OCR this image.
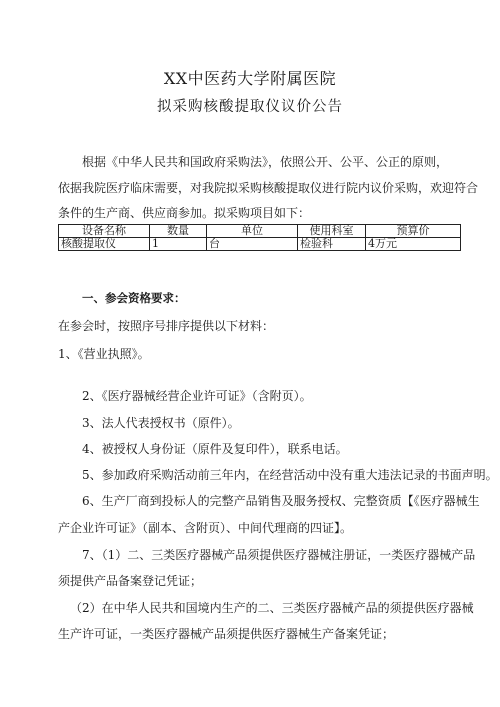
XX中医药大学附属医院
拟采购核酸提取仪议价公告
根据《中华人民共和国政府采购法》，依照公开、公平、公正的原则，
依据我院医疗临床需要，对我院拟采购核酸提取仪进行院内议价采购，欢迎符合
条件的生产商、供应商参加。拟采购项目如下：
设备名称	数量	单位	使用科室	预算价
核酸提取仪	1	台	检验科	4万元
一、参会资格要求：
在参会时，按照序号排序提供以下材料：
1、《营业执照》。
2、《医疗器械经营企业许可证》（含附页）。
3、法人代表授权书（原件）。
4、被授权人身份证（原件及复印件），联系电话。
5、参加政府采购活动前三年内，在经营活动中没有重大违法记录的书面声明。
6、生产厂商到投标人的完整产品销售及服务授权、完整资质【《医疗器械生
产企业许可证》（副本、含附页）、中间代理商的四证】。
7、（1）二、三类医疗器械产品须提供医疗器械注册证，一类医疗器械产品
须提供产品备案登记凭证；
（2）在中华人民共和国境内生产的二、三类医疗器械产品的须提供医疗器械
生产许可证，一类医疗器械产品须提供医疗器械生产备案凭证；
